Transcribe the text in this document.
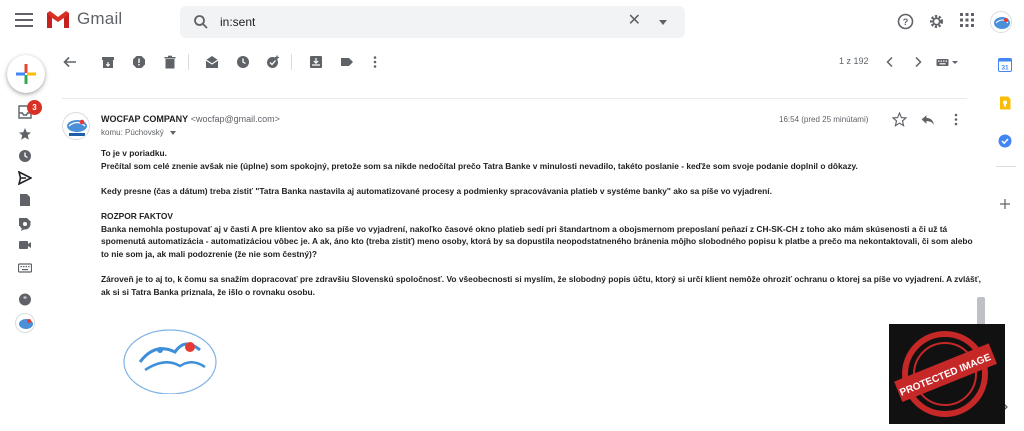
Gmail	in:sent	✕	?
3
"
1 z 192
WOCFAP COMPANY <wocfap@gmail.com>
komu: Púchovský
16:54 (pred 25 minútami)

To je v poriadku.

Prečítal som celé znenie avšak nie (úplne) som spokojný, pretože som sa nikde nedočítal prečo Tatra Banke v minulosti nevadilo, takéto poslanie - keďže som svoje podanie doplnil o dôkazy.

Kedy presne (čas a dátum) treba zistiť "Tatra Banka nastavila aj automatizované procesy a podmienky spracovávania platieb v systéme banky" ako sa píše vo vyjadrení.

ROZPOR FAKTOV

Banka nemohla postupovať aj v časti A pre klientov ako sa píše vo vyjadrení, nakoľko časové okno platieb sedí pri štandartnom a obojsmernom preposlaní peňazí z CH-SK-CH z toho ako mám skúsenosti a či už tá spomenutá automatizácia - automatizáciou vôbec je. A ak, áno kto (treba zistiť) meno osoby, ktorá by sa dopustila neopodstatneného bránenia môjho slobodného popisu k platbe a prečo ma nekontaktovali, či som alebo to nie som ja, ak mali podozrenie (že nie som čestný)?

Zároveň je to aj to, k čomu sa snažím dopracovať pre zdravšiu Slovenskú spoločnosť. Vo všeobecnosti si myslím, že slobodný popis účtu, ktorý si určí klient nemôže ohroziť ochranu o ktorej sa píše vo vyjadrení. A zvlášť, ak si si Tatra Banka priznala, že išlo o rovnaku osobu.

31
PROTECTED IMAGE
